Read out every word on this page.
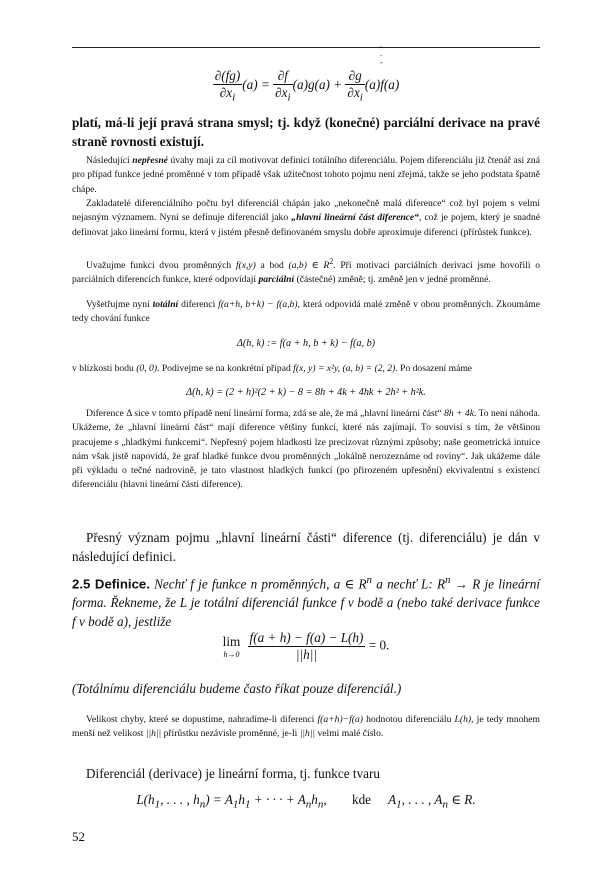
. . -
$\frac{\partial(fg)}{\partial x_i} (a) = \frac{\partial f}{\partial x_i} (a)g(a) + \frac{\partial g}{\partial x_i} (a)f(a)$

platí, má-li její pravá strana smysl; tj. když (konečné) parciální derivace na pravé straně rovnosti existují.

Následující nepřesné úvahy mají za cíl motivovat definici totálního diferenciálu. Pojem diferenciálu již čtenář asi zná pro případ funkce jedné proměnné v tom případě však užitečnost tohoto pojmu není zřejmá, takže se jeho podstata špatně chápe.

Zakladatelé diferenciálního počtu byl diferenciál chápán jako „nekonečně malá diference“ což byl pojem s velmi nejasným významem. Nyní se definuje diferenciál jako „hlavní lineární část diference“, což je pojem, který je snadné definovat jako lineární formu, která v jistém přesně definovaném smyslu dobře aproximuje diferenci (přírůstek funkce).

Uvažujme funkci dvou proměnných f(x,y) a bod (a,b) ∈ $R^2$. Při motivaci parciálních derivací jsme hovořili o parciálních diferencích funkce, které odpovídají parciální (částečné) změně; tj. změně jen v jedné proměnné.

Vyšetřujme nyní totální diferenci f(a+h, b+k) − f(a,b), která odpovídá malé změně v obou proměnných. Zkoumáme tedy chování funkce

Δ(h, k) := f(a + h, b + k) − f(a, b)

v blízkosti bodu (0, 0). Podívejme se na konkrétní případ f(x, y) = x²y, (a, b) = (2, 2). Po dosazení máme

Δ(h, k) = (2 + h)²(2 + k) − 8 = 8h + 4k + 4hk + 2h² + h²k.

Diference Δ sice v tomto případě není lineární forma, zdá se ale, že má „hlavní lineární část“ 8h + 4k. To není náhoda. Ukážeme, že „hlavní lineární část“ mají diference většiny funkcí, které nás zajímají. To souvisí s tím, že většinou pracujeme s „hladkými funkcemi“. Nepřesný pojem hladkosti lze precizovat různými způsoby; naše geometrická intuice nám však jistě napovídá, že graf hladké funkce dvou proměnných „lokálně nerozeznáme od roviny“. Jak ukážeme dále při výkladu o tečné nadrovině, je tato vlastnost hladkých funkcí (po přirozeném upřesnění) ekvivalentní s existencí diferenciálu (hlavní lineární části diference).

Přesný význam pojmu „hlavní lineární části“ diference (tj. diferenciálu) je dán v následující definici.

2.5 Definice. Nechť f je funkce n proměnných, a ∈ $R^n$ a nechť L: $R^n \to R$ je lineární forma. Řekneme, že L je totální diferenciál funkce f v bodě a (nebo také derivace funkce f v bodě a), jestliže

lim
h→0
$\frac{f(a + h) - f(a) - L(h)}{||h||} = 0$.

(Totálnímu diferenciálu budeme často říkat pouze diferenciál.)

Velikost chyby, které se dopustíme, nahradíme-li diferenci f(a+h)−f(a) hodnotou diferenciálu L(h), je tedy mnohem menší než velikost ||h|| přírůstku nezávisle proměnné, je-li ||h|| velmi malé číslo.

Diferenciál (derivace) je lineární forma, tj. funkce tvaru

$L(h_1$, . . . , $h_n) = A_1h_1$ + · · · + $A_nh_n$, kde $A_1$, . . . , $A_n$ ∈ R.
52
